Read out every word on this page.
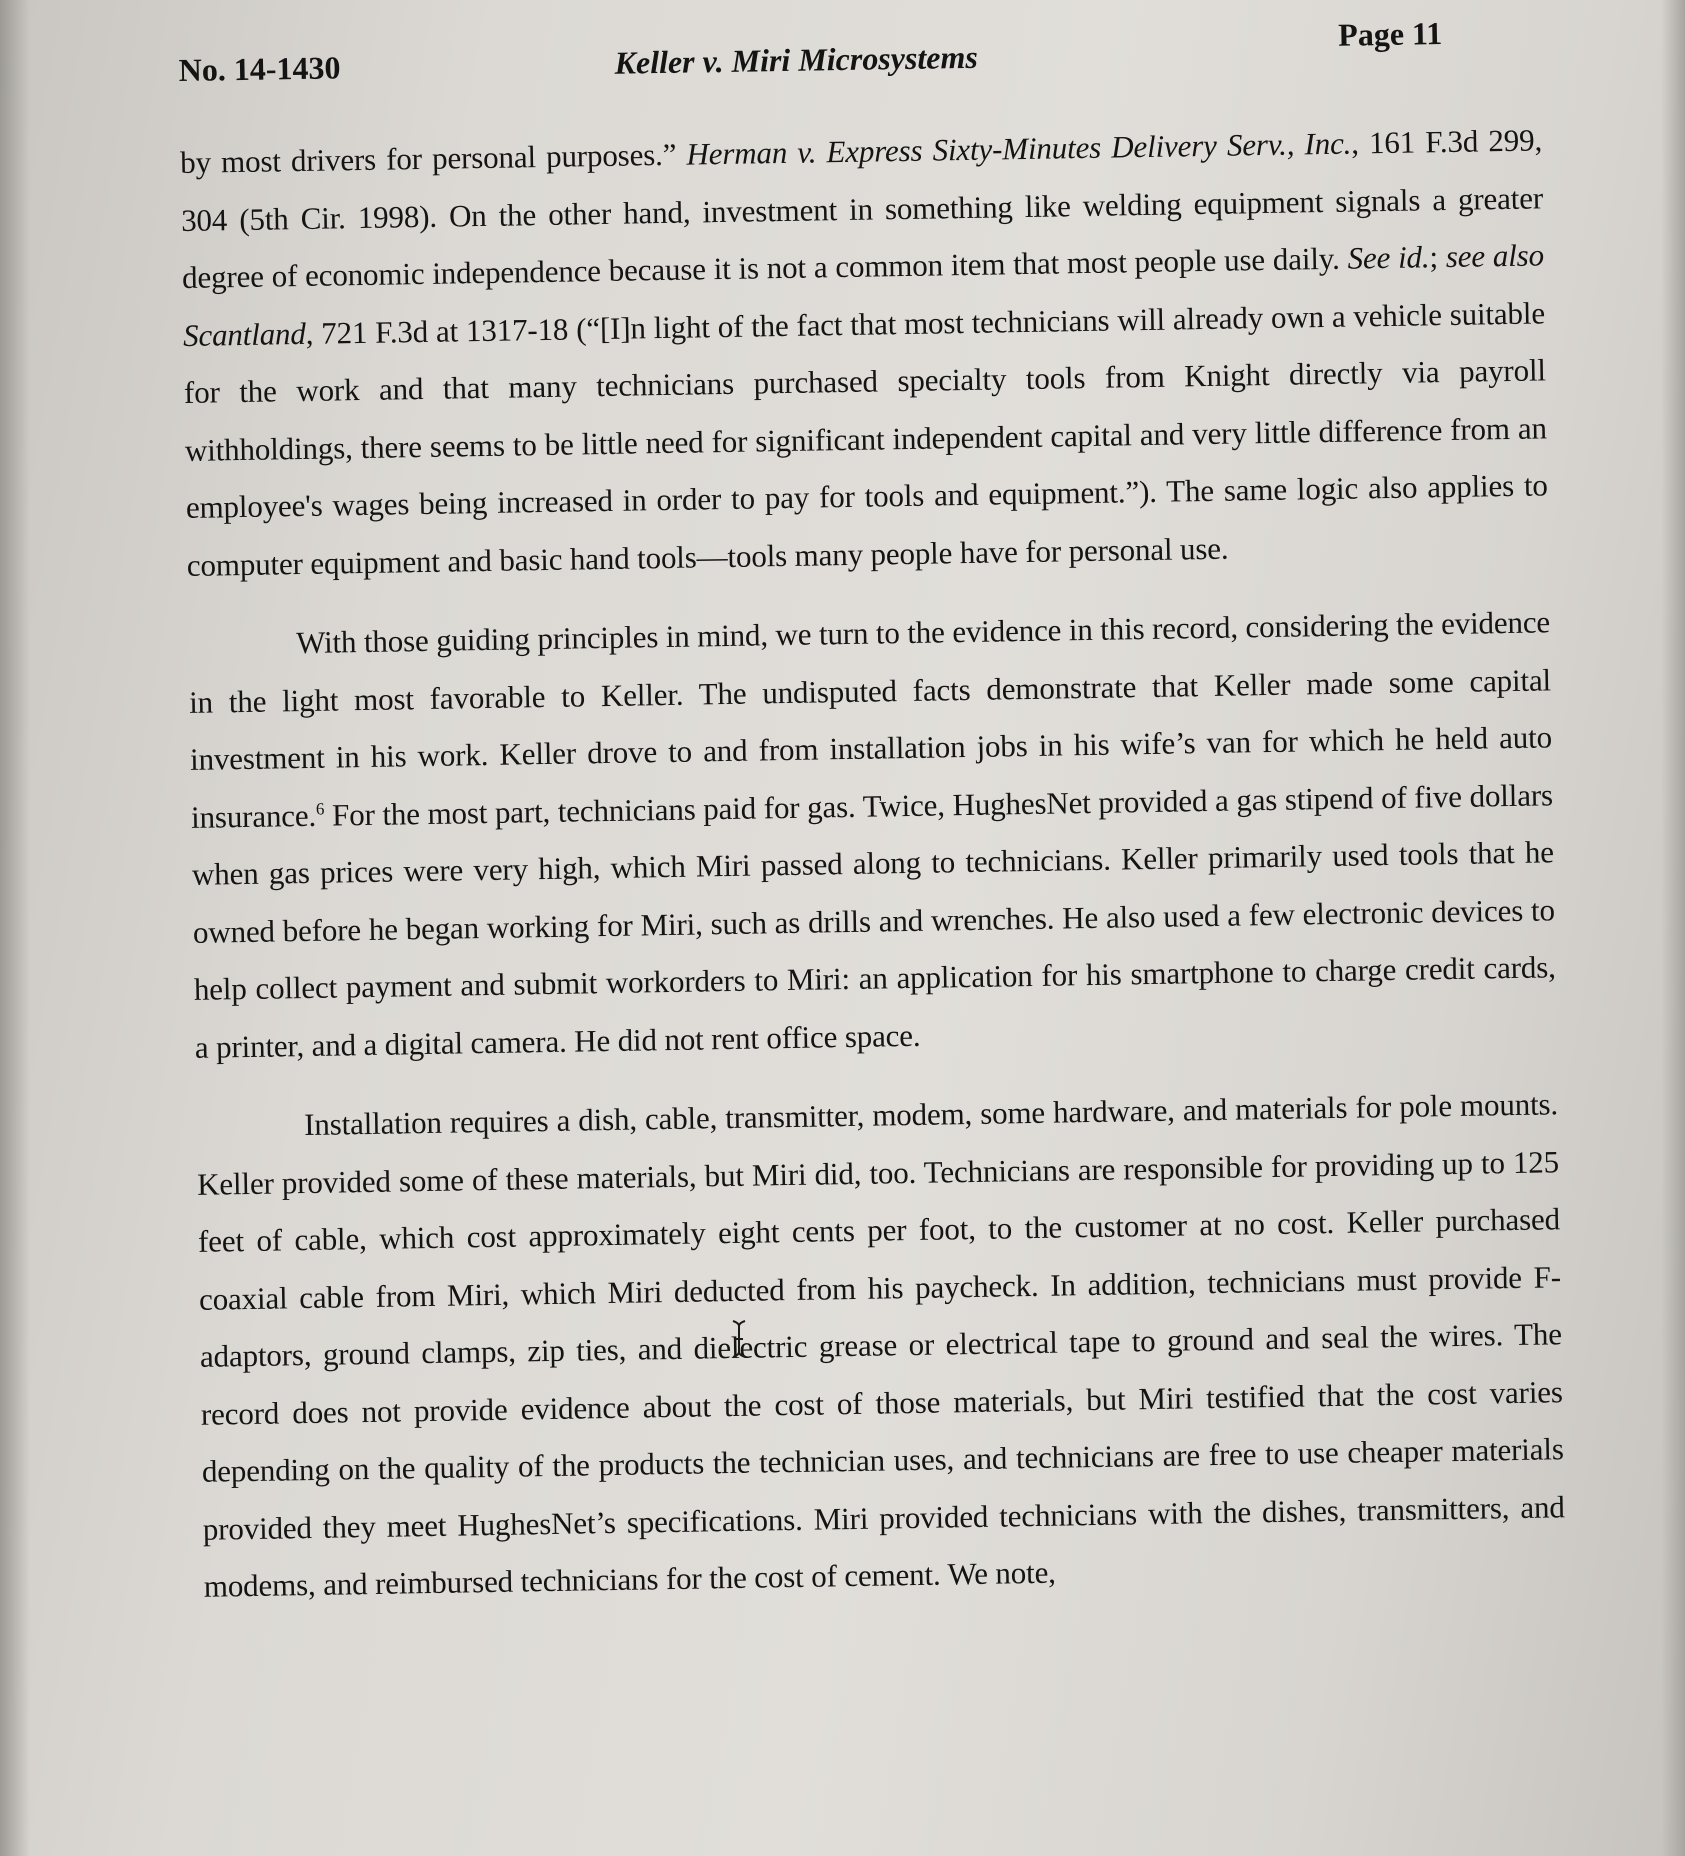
No. 14-1430	Keller v. Miri Microsystems
Page 11

by most drivers for personal purposes.” Herman v. Express Sixty-Minutes Delivery Serv., Inc., 161 F.3d 299, 304 (5th Cir. 1998). On the other hand, investment in something like welding equipment signals a greater degree of economic independence because it is not a common item that most people use daily. See id.; see also Scantland, 721 F.3d at 1317-18 (“[I]n light of the fact that most technicians will already own a vehicle suitable for the work and that many technicians purchased specialty tools from Knight directly via payroll withholdings, there seems to be little need for significant independent capital and very little difference from an employee's wages being increased in order to pay for tools and equipment.”). The same logic also applies to computer equipment and basic hand tools—tools many people have for personal use.

With those guiding principles in mind, we turn to the evidence in this record, considering the evidence in the light most favorable to Keller. The undisputed facts demonstrate that Keller made some capital investment in his work. Keller drove to and from installation jobs in his wife’s van for which he held auto insurance.$^6$ For the most part, technicians paid for gas. Twice, HughesNet provided a gas stipend of five dollars when gas prices were very high, which Miri passed along to technicians. Keller primarily used tools that he owned before he began working for Miri, such as drills and wrenches. He also used a few electronic devices to help collect payment and submit workorders to Miri: an application for his smartphone to charge credit cards, a printer, and a digital camera. He did not rent office space.

Installation requires a dish, cable, transmitter, modem, some hardware, and materials for pole mounts. Keller provided some of these materials, but Miri did, too. Technicians are responsible for providing up to 125 feet of cable, which cost approximately eight cents per foot, to the customer at no cost. Keller purchased coaxial cable from Miri, which Miri deducted from his paycheck. In addition, technicians must provide F-adaptors, ground clamps, zip ties, and dielectric grease or electrical tape to ground and seal the wires. The record does not provide evidence about the cost of those materials, but Miri testified that the cost varies depending on the quality of the products the technician uses, and technicians are free to use cheaper materials provided they meet HughesNet’s specifications. Miri provided technicians with the dishes, transmitters, and modems, and reimbursed technicians for the cost of cement. We note,
